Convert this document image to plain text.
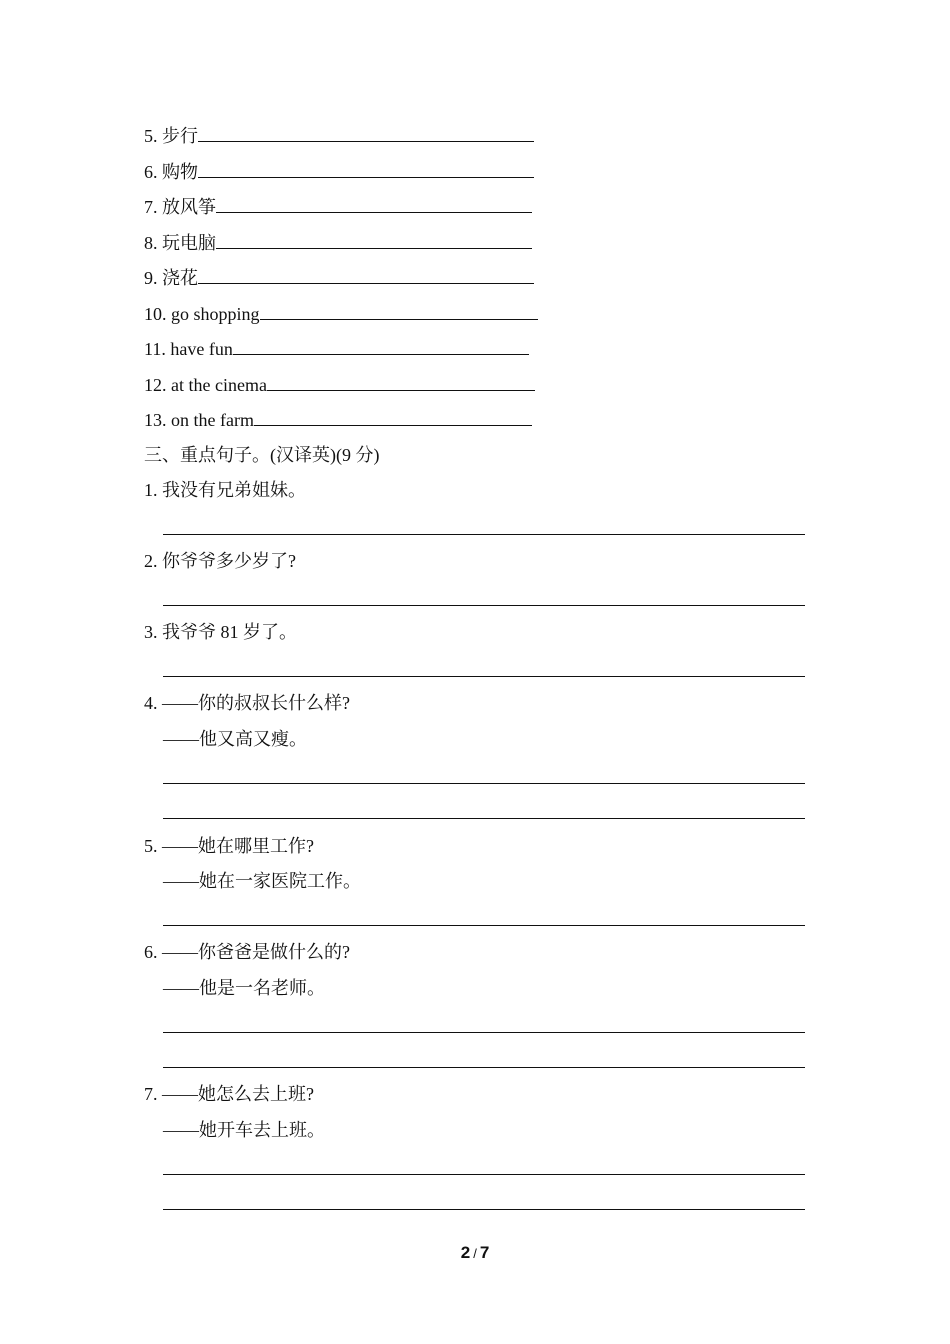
5. 步行
6. 购物
7. 放风筝
8. 玩电脑
9. 浇花
10. go shopping
11. have fun
12. at the cinema
13. on the farm
三、重点句子。(汉译英)(9 分)
1. 我没有兄弟姐妹。
2. 你爷爷多少岁了?
3. 我爷爷 81 岁了。
4. ——你的叔叔长什么样?
——他又高又瘦。
5. ——她在哪里工作?
——她在一家医院工作。
6. ——你爸爸是做什么的?
——他是一名老师。
7. ——她怎么去上班?
——她开车去上班。
2 / 7
